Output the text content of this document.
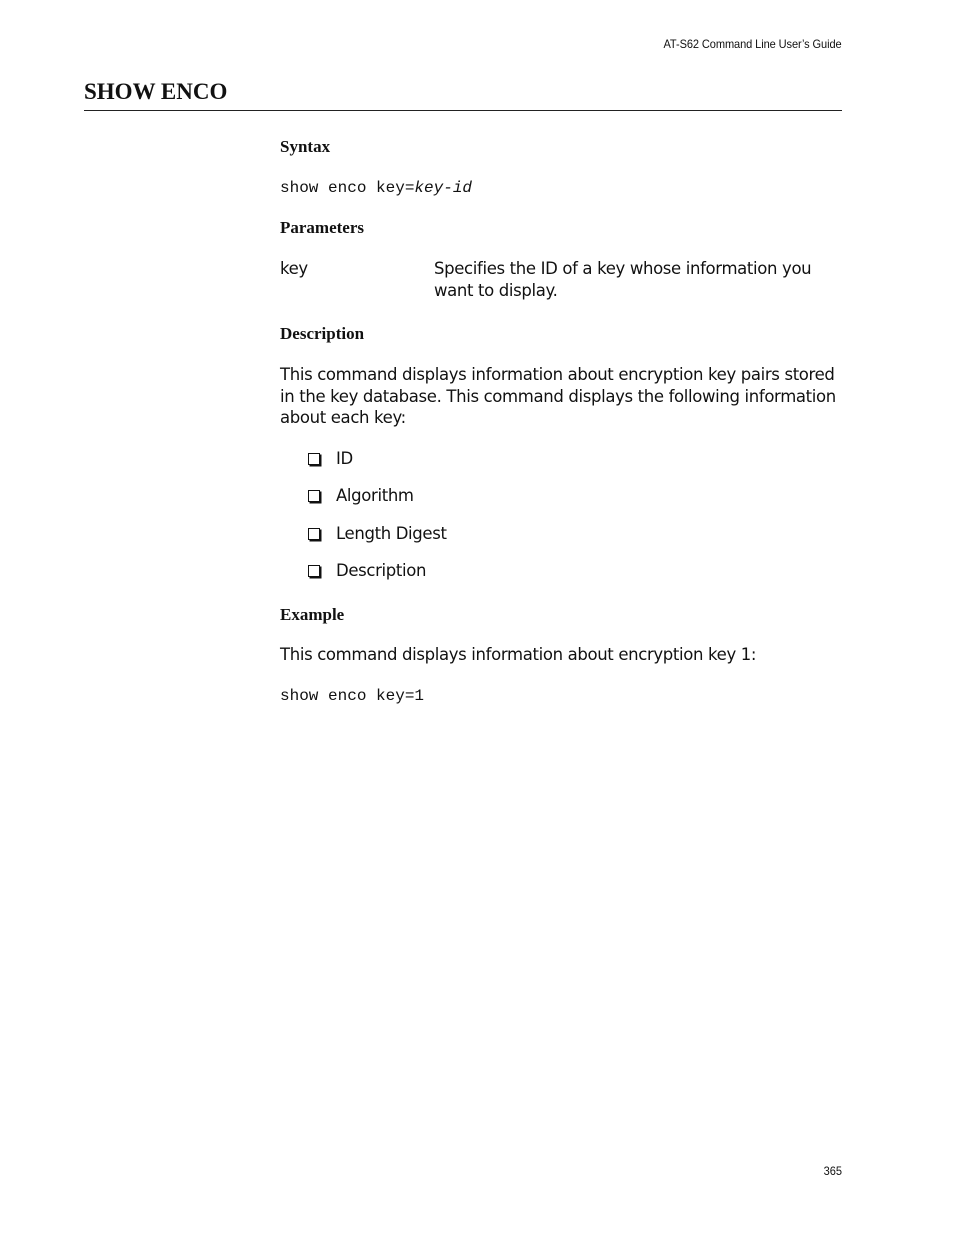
AT-S62 Command Line User’s Guide
SHOW ENCO
Syntax
show enco key=key-id
Parameters
key	Specifies the ID of a key whose information you want to display.

Description

This command displays information about encryption key pairs stored in the key database. This command displays the following information about each key:

ID
Algorithm
Length Digest
Description
Example

This command displays information about encryption key 1:

show enco key=1
365
